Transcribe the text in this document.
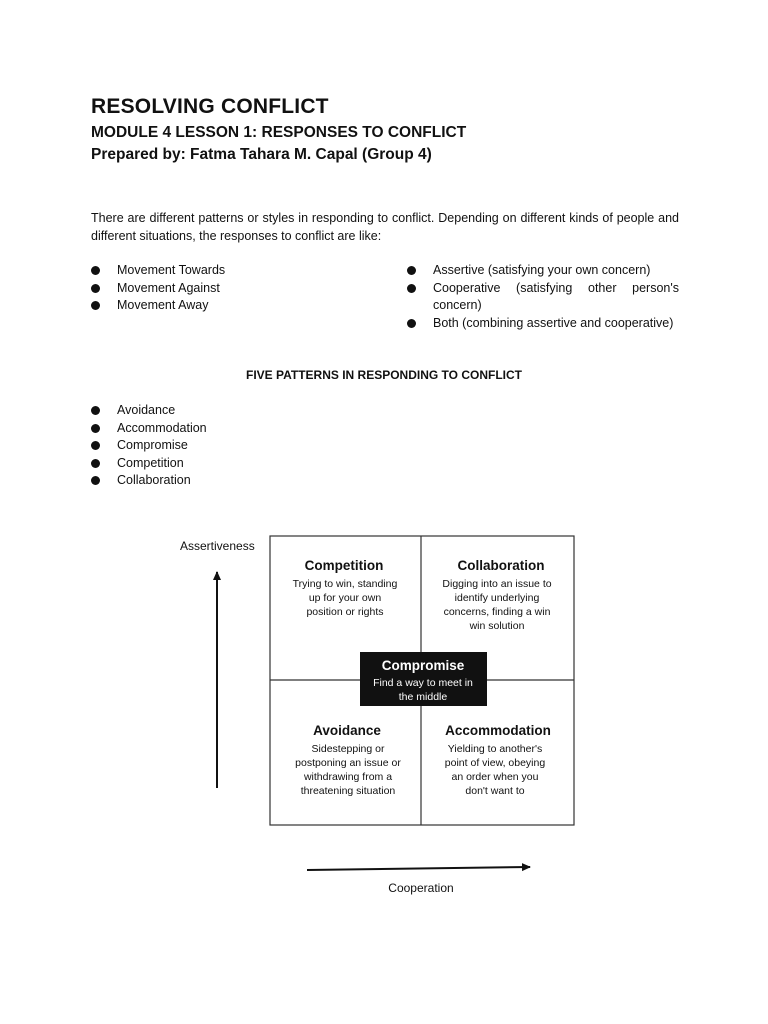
RESOLVING CONFLICT
MODULE 4 LESSON 1: RESPONSES TO CONFLICT
Prepared by: Fatma Tahara M. Capal (Group 4)
There are different patterns or styles in responding to conflict. Depending on different kinds of people and different situations, the responses to conflict are like:
Movement Towards
Movement Against
Movement Away
Assertive (satisfying your own concern)
Cooperative (satisfying other person's concern)
Both (combining assertive and cooperative)
FIVE PATTERNS IN RESPONDING TO CONFLICT
Avoidance
Accommodation
Compromise
Competition
Collaboration
Assertiveness
Cooperation
Competition
Trying to win, standing
up for your own
position or rights
Collaboration
Digging into an issue to
identify underlying
concerns, finding a win
win solution
Avoidance
Sidestepping or
postponing an issue or
withdrawing from a
threatening situation
Accommodation
Yielding to another's
point of view, obeying
an order when you
don't want to
Compromise
Find a way to meet in
the middle
